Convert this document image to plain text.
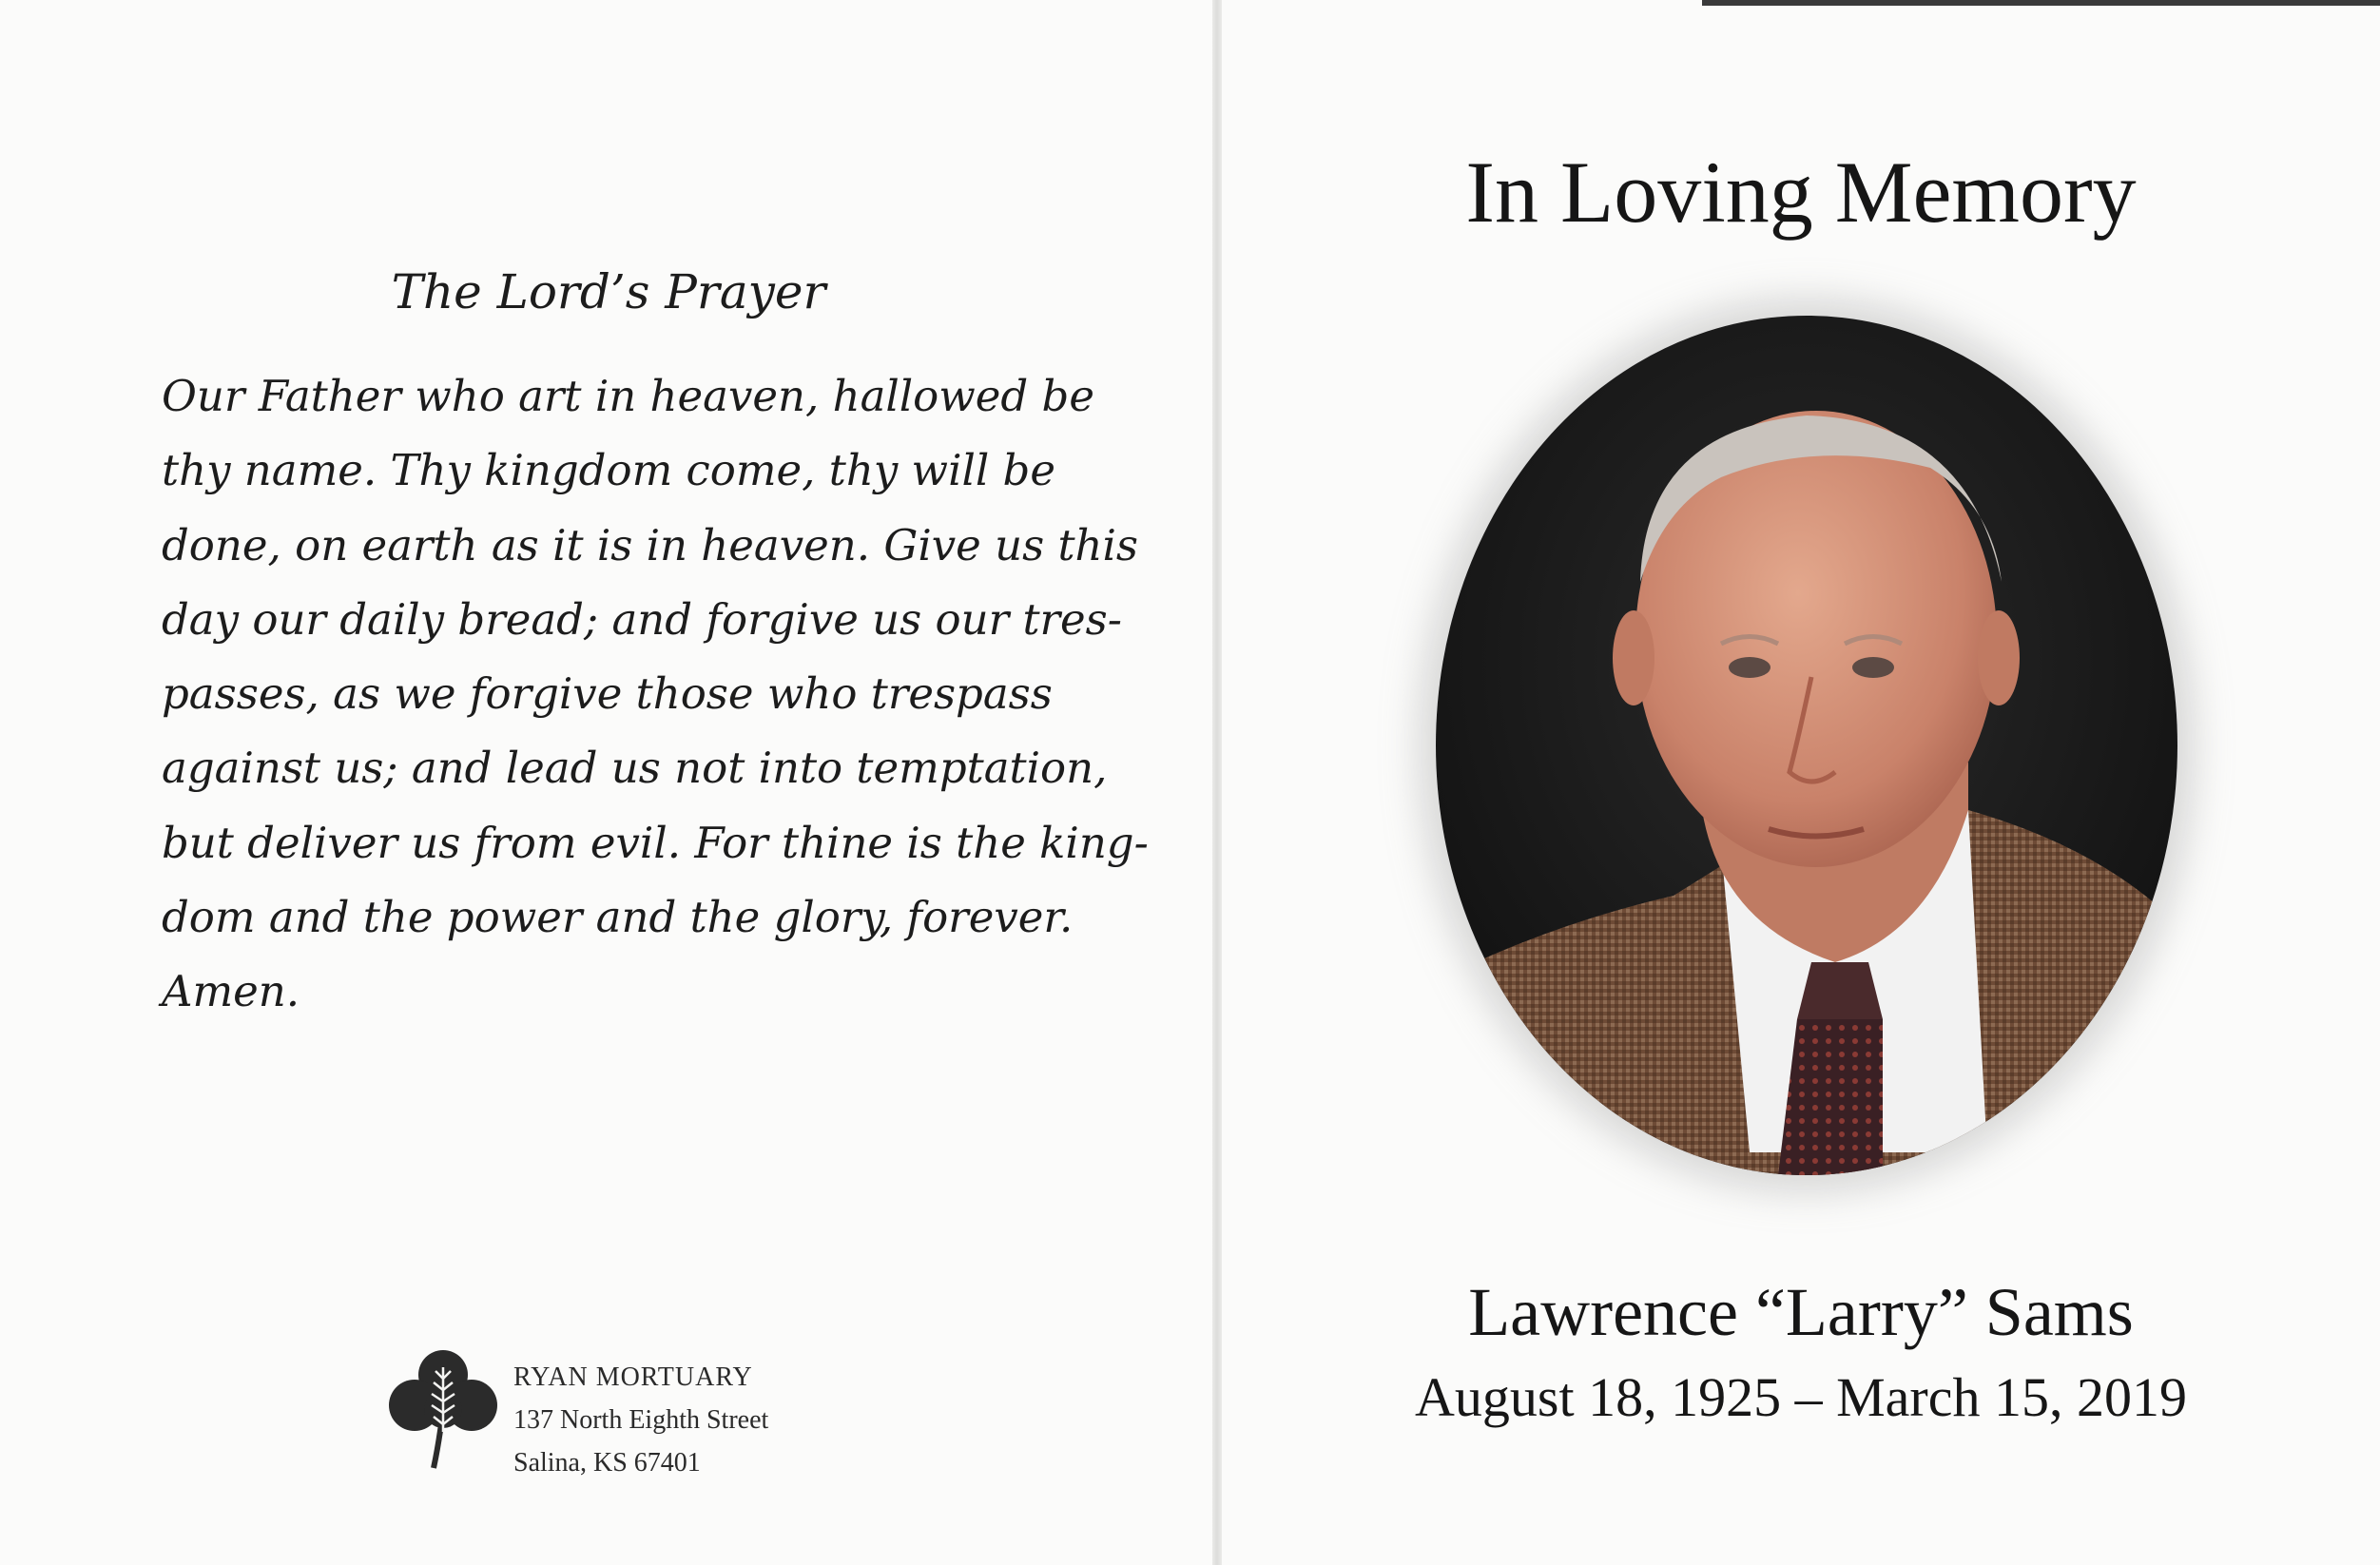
The Lord’s Prayer

Our Father who art in heaven, hallowed be
thy name. Thy kingdom come, thy will be
done, on earth as it is in heaven. Give us this
day our daily bread; and forgive us our tres-
passes, as we forgive those who trespass
against us; and lead us not into temptation,
but deliver us from evil. For thine is the king-
dom and the power and the glory, forever.
Amen.

RYAN MORTUARY
137 North Eighth Street
Salina, KS 67401
In Loving Memory
Lawrence “Larry” Sams
August 18, 1925 – March 15, 2019
